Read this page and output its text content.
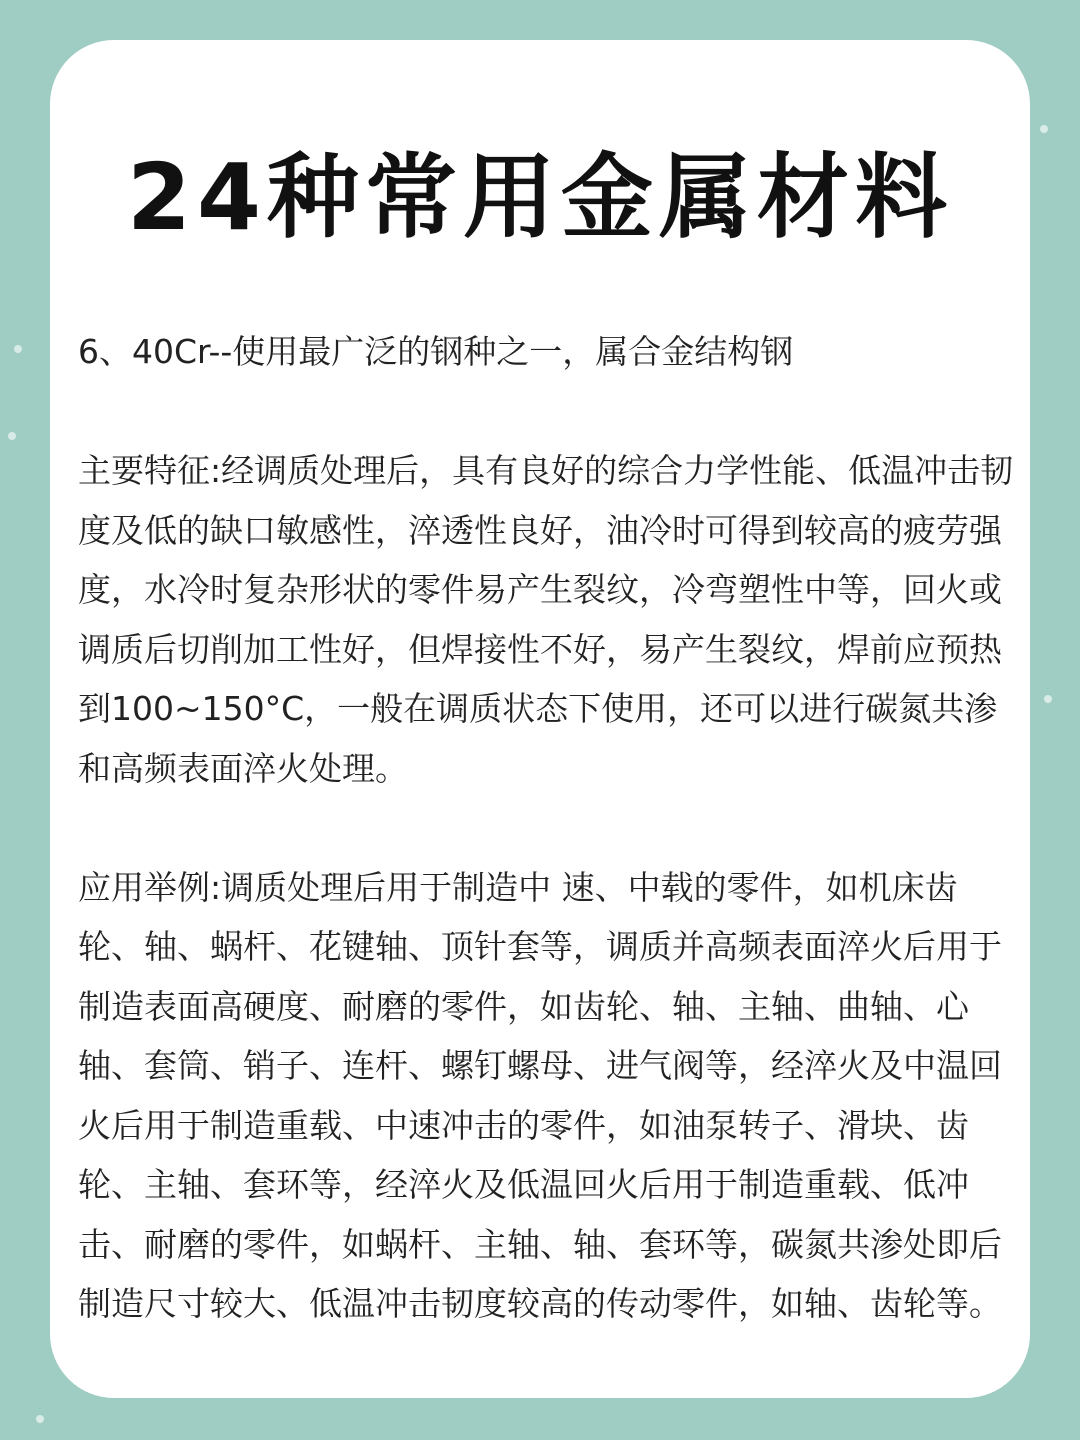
24种常用金属材料

6、40Cr--使用最广泛的钢种之一，属合金结构钢

主要特征:经调质处理后，具有良好的综合力学性能、低温冲击韧度及低的缺口敏感性，淬透性良好，油冷时可得到较高的疲劳强度，水冷时复杂形状的零件易产生裂纹，冷弯塑性中等，回火或调质后切削加工性好，但焊接性不好，易产生裂纹，焊前应预热到100~150°C，一般在调质状态下使用，还可以进行碳氮共渗和高频表面淬火处理。

应用举例:调质处理后用于制造中 速、中载的零件，如机床齿轮、轴、蜗杆、花键轴、顶针套等，调质并高频表面淬火后用于制造表面高硬度、耐磨的零件，如齿轮、轴、主轴、曲轴、心轴、套筒、销子、连杆、螺钉螺母、进气阀等，经淬火及中温回火后用于制造重载、中速冲击的零件，如油泵转子、滑块、齿轮、主轴、套环等，经淬火及低温回火后用于制造重载、低冲击、耐磨的零件，如蜗杆、主轴、轴、套环等，碳氮共渗处即后制造尺寸较大、低温冲击韧度较高的传动零件，如轴、齿轮等。
